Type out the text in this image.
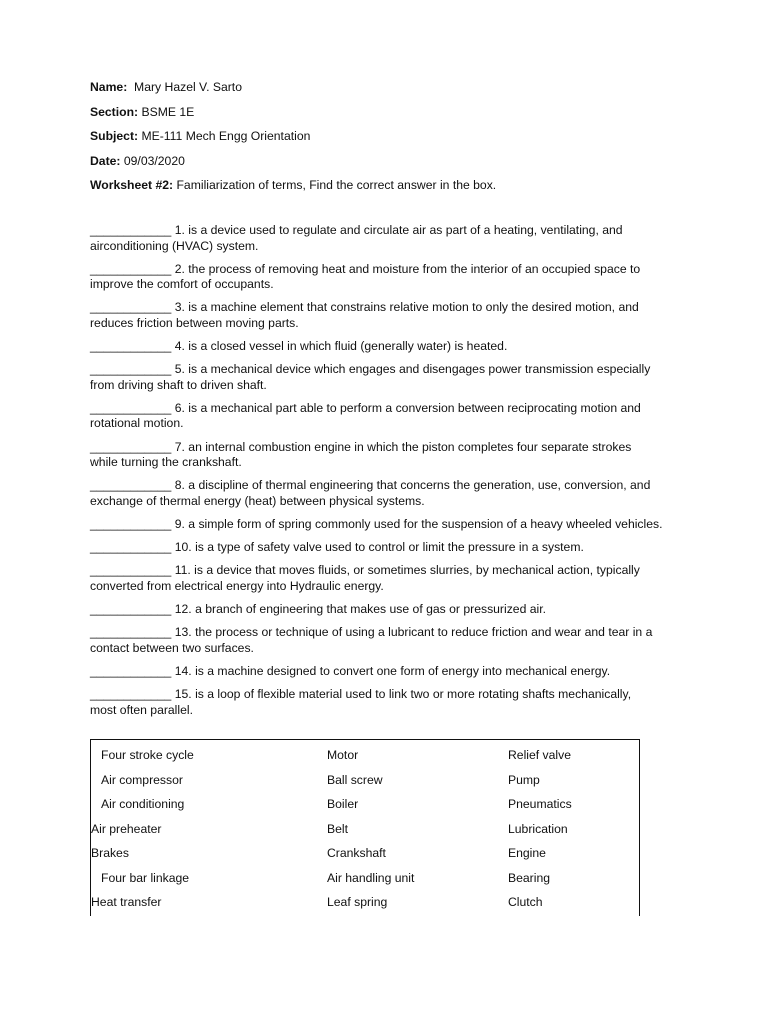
Name: Mary Hazel V. Sarto
Section: BSME 1E
Subject: ME-111 Mech Engg Orientation
Date: 09/03/2020
Worksheet #2: Familiarization of terms, Find the correct answer in the box.
____________ 1. is a device used to regulate and circulate air as part of a heating, ventilating, and
airconditioning (HVAC) system.
____________ 2. the process of removing heat and moisture from the interior of an occupied space to
improve the comfort of occupants.
____________ 3. is a machine element that constrains relative motion to only the desired motion, and
reduces friction between moving parts.
____________ 4. is a closed vessel in which fluid (generally water) is heated.
____________ 5. is a mechanical device which engages and disengages power transmission especially
from driving shaft to driven shaft.
____________ 6. is a mechanical part able to perform a conversion between reciprocating motion and
rotational motion.
____________ 7. an internal combustion engine in which the piston completes four separate strokes
while turning the crankshaft.
____________ 8. a discipline of thermal engineering that concerns the generation, use, conversion, and
exchange of thermal energy (heat) between physical systems.
____________ 9. a simple form of spring commonly used for the suspension of a heavy wheeled vehicles.
____________ 10. is a type of safety valve used to control or limit the pressure in a system.
____________ 11. is a device that moves fluids, or sometimes slurries, by mechanical action, typically
converted from electrical energy into Hydraulic energy.
____________ 12. a branch of engineering that makes use of gas or pressurized air.
____________ 13. the process or technique of using a lubricant to reduce friction and wear and tear in a
contact between two surfaces.
____________ 14. is a machine designed to convert one form of energy into mechanical energy.
____________ 15. is a loop of flexible material used to link two or more rotating shafts mechanically,
most often parallel.
Four stroke cycle	Motor	Relief valve
Air compressor	Ball screw	Pump
Air conditioning	Boiler	Pneumatics
Air preheater	Belt	Lubrication
Brakes	Crankshaft	Engine
Four bar linkage	Air handling unit	Bearing
Heat transfer	Leaf spring	Clutch
